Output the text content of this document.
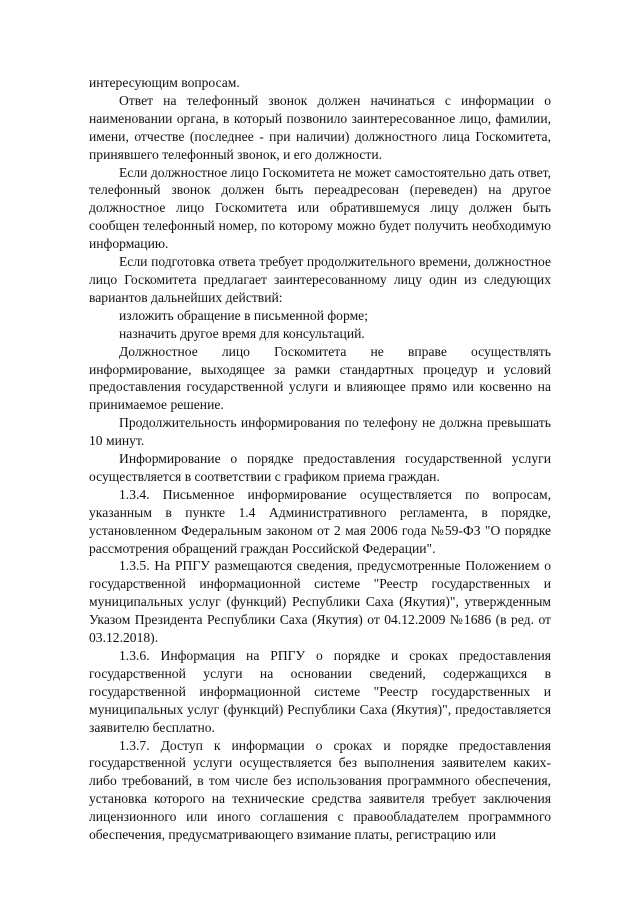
интересующим вопросам.

Ответ на телефонный звонок должен начинаться с информации о наименовании органа, в который позвонило заинтересованное лицо, фамилии, имени, отчестве (последнее - при наличии) должностного лица Госкомитета, принявшего телефонный звонок, и его должности.

Если должностное лицо Госкомитета не может самостоятельно дать ответ, телефонный звонок должен быть переадресован (переведен) на другое должностное лицо Госкомитета или обратившемуся лицу должен быть сообщен телефонный номер, по которому можно будет получить необходимую информацию.

Если подготовка ответа требует продолжительного времени, должностное лицо Госкомитета предлагает заинтересованному лицу один из следующих вариантов дальнейших действий:

изложить обращение в письменной форме;

назначить другое время для консультаций.

Должностное лицо Госкомитета не вправе осуществлять информирование, выходящее за рамки стандартных процедур и условий предоставления государственной услуги и влияющее прямо или косвенно на принимаемое решение.

Продолжительность информирования по телефону не должна превышать 10 минут.

Информирование о порядке предоставления государственной услуги осуществляется в соответствии с графиком приема граждан.

1.3.4. Письменное информирование осуществляется по вопросам, указанным в пункте 1.4 Административного регламента, в порядке, установленном Федеральным законом от 2 мая 2006 года №59-ФЗ "О порядке рассмотрения обращений граждан Российской Федерации".

1.3.5. На РПГУ размещаются сведения, предусмотренные Положением о государственной информационной системе "Реестр государственных и муниципальных услуг (функций) Республики Саха (Якутия)", утвержденным Указом Президента Республики Саха (Якутия) от 04.12.2009 №1686 (в ред. от 03.12.2018).

1.3.6. Информация на РПГУ о порядке и сроках предоставления государственной услуги на основании сведений, содержащихся в государственной информационной системе "Реестр государственных и муниципальных услуг (функций) Республики Саха (Якутия)", предоставляется заявителю бесплатно.

1.3.7. Доступ к информации о сроках и порядке предоставления государственной услуги осуществляется без выполнения заявителем каких-либо требований, в том числе без использования программного обеспечения, установка которого на технические средства заявителя требует заключения лицензионного или иного соглашения с правообладателем программного обеспечения, предусматривающего взимание платы, регистрацию или
